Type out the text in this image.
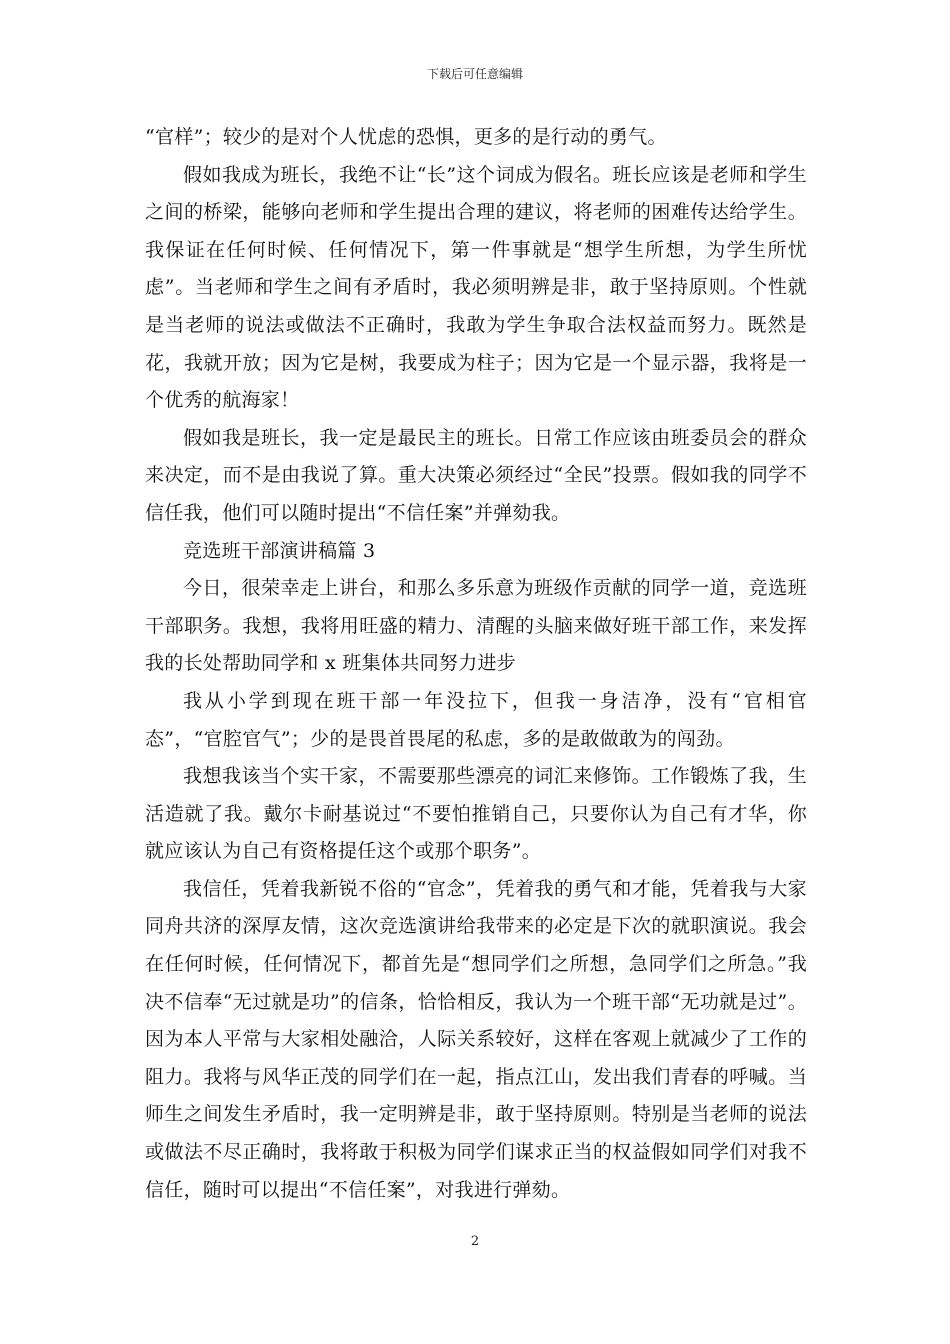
下载后可任意编辑

“官样”；较少的是对个人忧虑的恐惧，更多的是行动的勇气。

假如我成为班长，我绝不让“长”这个词成为假名。班长应该是老师和学生之间的桥梁，能够向老师和学生提出合理的建议，将老师的困难传达给学生。我保证在任何时候、任何情况下，第一件事就是“想学生所想，为学生所忧虑”。当老师和学生之间有矛盾时，我必须明辨是非，敢于坚持原则。个性就是当老师的说法或做法不正确时，我敢为学生争取合法权益而努力。既然是花，我就开放；因为它是树，我要成为柱子；因为它是一个显示器，我将是一个优秀的航海家！

假如我是班长，我一定是最民主的班长。日常工作应该由班委员会的群众来决定，而不是由我说了算。重大决策必须经过“全民”投票。假如我的同学不信任我，他们可以随时提出“不信任案”并弹劾我。

竞选班干部演讲稿篇 3

今日，很荣幸走上讲台，和那么多乐意为班级作贡献的同学一道，竞选班干部职务。我想，我将用旺盛的精力、清醒的头脑来做好班干部工作，来发挥我的长处帮助同学和 x 班集体共同努力进步

我从小学到现在班干部一年没拉下，但我一身洁净，没有“官相官态”，“官腔官气”；少的是畏首畏尾的私虑，多的是敢做敢为的闯劲。

我想我该当个实干家，不需要那些漂亮的词汇来修饰。工作锻炼了我，生活造就了我。戴尔卡耐基说过“不要怕推销自己，只要你认为自己有才华，你就应该认为自己有资格提任这个或那个职务”。

我信任，凭着我新锐不俗的“官念”，凭着我的勇气和才能，凭着我与大家同舟共济的深厚友情，这次竞选演讲给我带来的必定是下次的就职演说。我会在任何时候，任何情况下，都首先是“想同学们之所想，急同学们之所急。”我决不信奉“无过就是功”的信条，恰恰相反，我认为一个班干部“无功就是过”。因为本人平常与大家相处融洽，人际关系较好，这样在客观上就减少了工作的阻力。我将与风华正茂的同学们在一起，指点江山，发出我们青春的呼喊。当师生之间发生矛盾时，我一定明辨是非，敢于坚持原则。特别是当老师的说法或做法不尽正确时，我将敢于积极为同学们谋求正当的权益假如同学们对我不信任，随时可以提出“不信任案”，对我进行弹劾。

2
